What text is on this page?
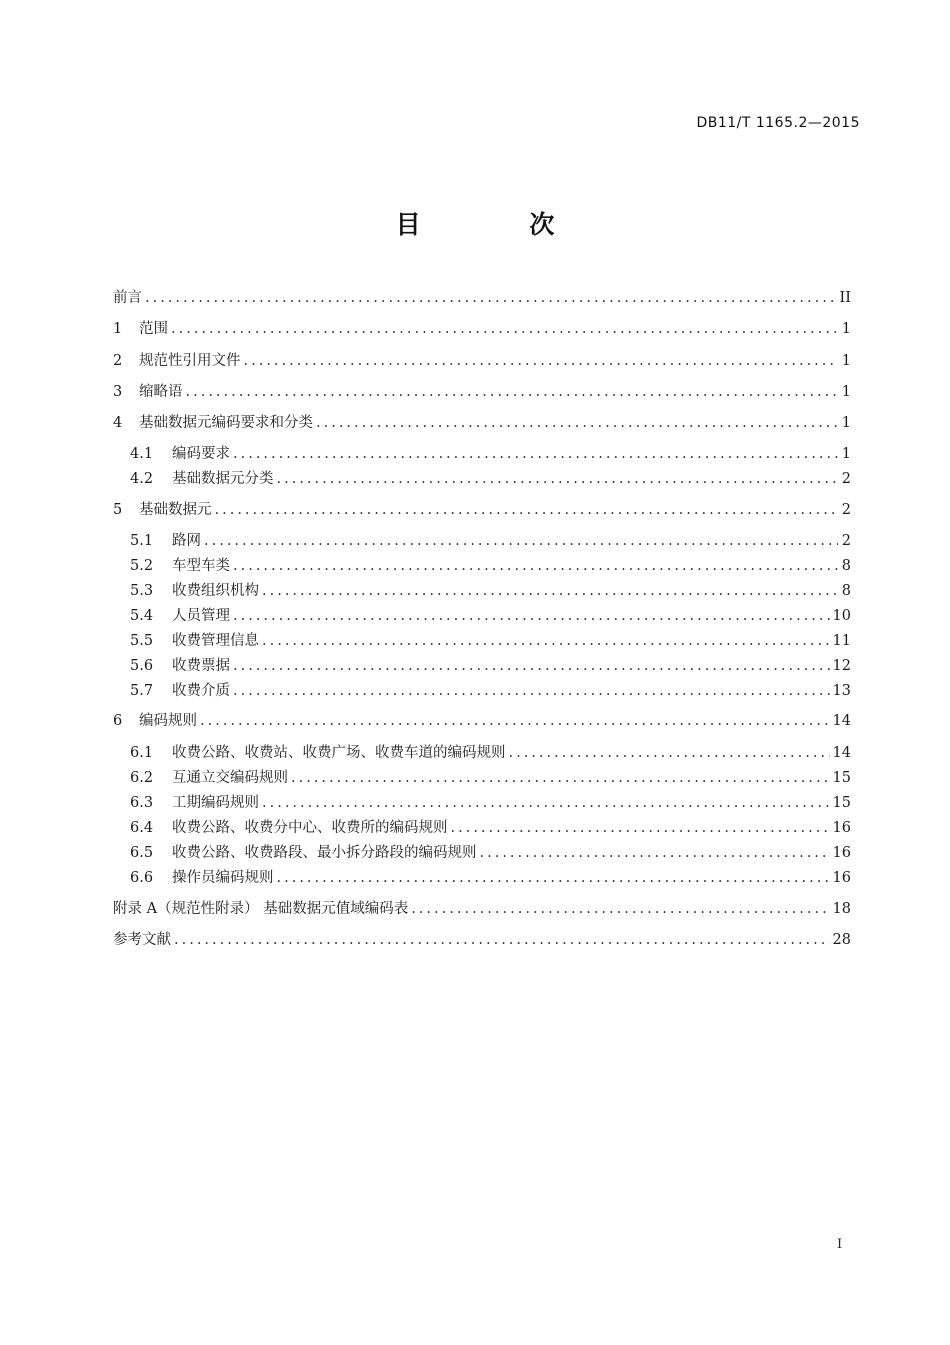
DB11/T 1165.2—2015
目 次
前言 .....	II
1	范围 .....	1
2	规范性引用文件 .....	1
3	缩略语 .....	1
4	基础数据元编码要求和分类 .....	1
4.1	编码要求 .....	1
4.2	基础数据元分类 .....	2
5	基础数据元 .....	2
5.1	路网 .....	2
5.2	车型车类 .....	8
5.3	收费组织机构 .....	8
5.4	人员管理 .....	10
5.5	收费管理信息 .....	11
5.6	收费票据 .....	12
5.7	收费介质 .....	13
6	编码规则 .....	14
6.1	收费公路、收费站、收费广场、收费车道的编码规则 .....	14
6.2	互通立交编码规则 .....	15
6.3	工期编码规则 .....	15
6.4	收费公路、收费分中心、收费所的编码规则 .....	16
6.5	收费公路、收费路段、最小拆分路段的编码规则 .....	16
6.6	操作员编码规则 .....	16
附录 A（规范性附录） 基础数据元值域编码表 .....	18
参考文献 .....	28
I
